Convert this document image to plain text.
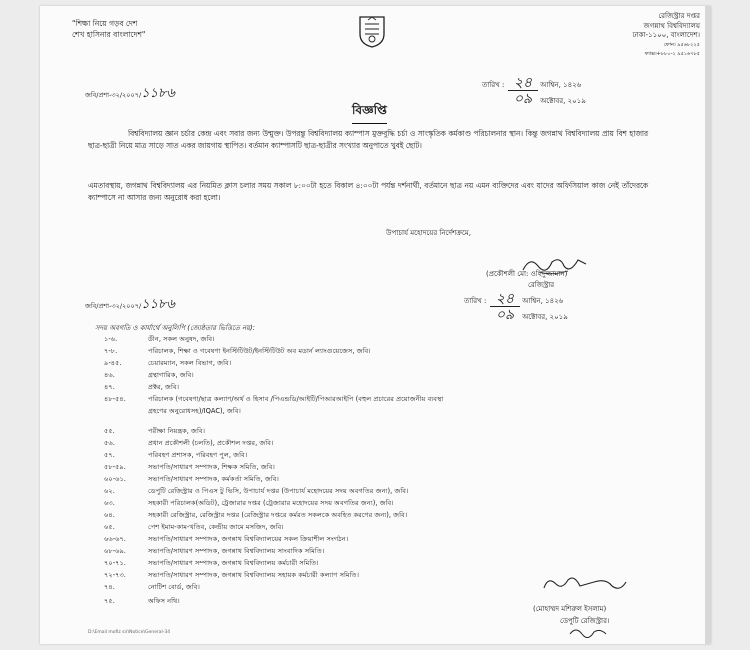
"শিক্ষা নিয়ে গড়ব দেশ
শেখ হাসিনার বাংলাদেশ"
রেজিস্ট্রার দপ্তর
জগন্নাথ বিশ্ববিদ্যালয়
ঢাকা-১১০০, বাংলাদেশ।
ফোন। ৯৫৬৮২২৫
ফ্যাক্স।+৮৮০-২ ৯৫১৬৭৮৫
জবি/প্রশা-৩২/২০০৭/১১৮৬
তারিখ : ২৪ আশ্বিন, ১৪২৬
০৯ অক্টোবর, ২০১৯
বিজ্ঞপ্তি
বিশ্ববিদ্যালয় জ্ঞান চর্চার কেন্দ্র এবং সবার জন্য উন্মুক্ত। উপরন্তু বিশ্ববিদ্যালয় ক্যাম্পাস মুক্তবুদ্ধি চর্চা ও সাংস্কৃতিক কর্মকাণ্ড পরিচালনার স্থান। কিন্তু জগন্নাথ বিশ্ববিদ্যালয় প্রায় বিশ হাজার ছাত্র-ছাত্রী নিয়ে মাত্র সাড়ে সাত একর জায়গায় স্থাপিত। বর্তমান ক্যাম্পাসটি ছাত্র-ছাত্রীর সংখ্যার অনুপাতে খুবই ছোট।
এমতাবস্থায়, জগন্নাথ বিশ্ববিদ্যালয় এর নিয়মিত ক্লাস চলার সময় সকাল ৮:০০টা হতে বিকাল ৪:০০টা পর্যন্ত দর্শনার্থী, বর্তমানে ছাত্র নয় এমন ব্যক্তিদের এবং যাদের অফিসিয়াল কাজ নেই তাঁদেরকে ক্যাম্পাসে না আসার জন্য অনুরোধ করা হলো।
উপাচার্য মহোদয়ের নির্দেশক্রমে,
(প্রকৌশলী মো: ওহিদুজ্জামান)
রেজিস্ট্রার
জবি/প্রশা-৩২/২০০৭/১১৮৬	তারিখ : ২৪ আশ্বিন, ১৪২৬
০৯ অক্টোবর, ২০১৯
সদয় অবগতি ও কার্যার্থে অনুলিপি (জ্যেষ্ঠতার ভিত্তিতে নয়):
১-৬.	ডীন, সকল অনুষদ, জবি।
৭-৮.	পরিচালক, শিক্ষা ও গবেষণা ইনস্টিটিউট/ইনস্টিটিউট অব মডার্ন ল্যাংগুয়েজেস, জবি।
৯-৪৫.	চেয়ারম্যান, সকল বিভাগ, জবি।
৪৬.	গ্রন্থাগারিক, জবি।
৪৭.	প্রক্টর, জবি।
৪৮-৫৪.	পরিচালক (গবেষণা/ছাত্র কল্যাণ/অর্থ ও হিসাব /পিএন্ডডি/আইটি/পিআরআইপি (বহুল প্রচারের প্রয়োজনীয় ব্যবস্থা
গ্রহণের অনুরোধসহ)/IQAC), জবি।
৫৫.	পরীক্ষা নিয়ন্ত্রক, জবি।
৫৬.	প্রধান প্রকৌশলী (চলতি), প্রকৌশল দপ্তর, জবি।
৫৭.	পরিবহণ প্রশাসক, পরিবহণ পুল, জবি।
৫৮-৫৯.	সভাপতি/সাধারণ সম্পাদক, শিক্ষক সমিতি, জবি।
৬০-৬১.	সভাপতি/সাধারণ সম্পাদক, কর্মকর্তা সমিতি, জবি।
৬২.	ডেপুটি রেজিস্ট্রার ও পিএস টু ভিসি, উপাচার্য দপ্তর (উপাচার্য মহোদয়ের সদয় অবগতির জন্য), জবি।
৬৩.	সহকারী পরিচালক(অডিট), ট্রেজারার দপ্তর (ট্রেজারার মহোদয়ের সদয় অবগতির জন্য), জবি।
৬৪.	সহকারী রেজিস্ট্রার, রেজিস্ট্রার দপ্তর (রেজিস্ট্রার দপ্তরে কর্মরত সকলকে অবহিত করণের জন্য), জবি।
৬৫.	পেশ ইমাম-কাম-খতিব, কেন্দ্রীয় জামে মসজিদ, জবি।
৬৬-৬৭.	সভাপতি/সাধারণ সম্পাদক, জগন্নাথ বিশ্ববিদ্যালয়ের সকল ক্রিয়াশীল সংগঠন।
৬৮-৬৯.	সভাপতি/সাধারণ সম্পাদক, জগন্নাথ বিশ্ববিদ্যালয় সাংবাদিক সমিতি।
৭০-৭১.	সভাপতি/সাধারণ সম্পাদক, জগন্নাথ বিশ্ববিদ্যালয় কর্মচারী সমিতি।
৭২-৭৩.	সভাপতি/সাধারণ সম্পাদক, জগন্নাথ বিশ্ববিদ্যালয় সহায়ক কর্মচারী কল্যাণ সমিতি।
৭৪.	নোটিশ বোর্ড, জবি।
৭৫.	অফিস নথি।
(মোহাম্মদ মশিরুল ইসলাম)
ডেপুটি রেজিস্ট্রার।
D:\Email mofiz sir\Notice\General-34
